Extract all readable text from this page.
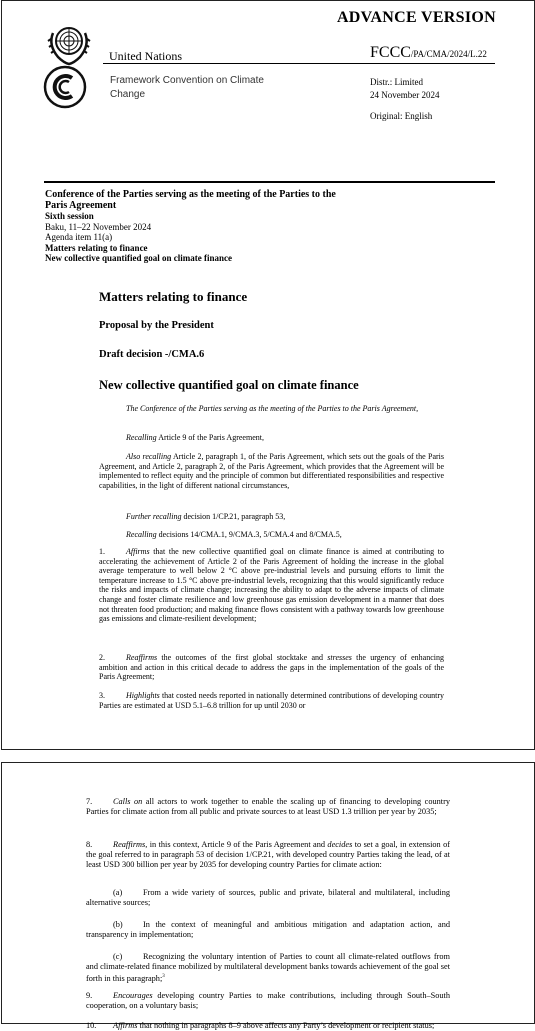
ADVANCE VERSION
United Nations	FCCC/PA/CMA/2024/L.22
Framework Convention on Climate Change
Distr.: Limited
24 November 2024
Original: English
Conference of the Parties serving as the meeting of the Parties to the Paris Agreement
Sixth session
Baku, 11–22 November 2024
Agenda item 11(a)
Matters relating to finance
New collective quantified goal on climate finance
Matters relating to finance
Proposal by the President
Draft decision -/CMA.6
New collective quantified goal on climate finance
The Conference of the Parties serving as the meeting of the Parties to the Paris Agreement,
Recalling Article 9 of the Paris Agreement,
Also recalling Article 2, paragraph 1, of the Paris Agreement, which sets out the goals of the Paris Agreement, and Article 2, paragraph 2, of the Paris Agreement, which provides that the Agreement will be implemented to reflect equity and the principle of common but differentiated responsibilities and respective capabilities, in the light of different national circumstances,
Further recalling decision 1/CP.21, paragraph 53,
Recalling decisions 14/CMA.1, 9/CMA.3, 5/CMA.4 and 8/CMA.5,
1.	Affirms that the new collective quantified goal on climate finance is aimed at contributing to accelerating the achievement of Article 2 of the Paris Agreement of holding the increase in the global average temperature to well below 2 °C above pre-industrial levels and pursuing efforts to limit the temperature increase to 1.5 °C above pre-industrial levels, recognizing that this would significantly reduce the risks and impacts of climate change; increasing the ability to adapt to the adverse impacts of climate change and foster climate resilience and low greenhouse gas emission development in a manner that does not threaten food production; and making finance flows consistent with a pathway towards low greenhouse gas emissions and climate-resilient development;
2.	Reaffirms the outcomes of the first global stocktake and stresses the urgency of enhancing ambition and action in this critical decade to address the gaps in the implementation of the goals of the Paris Agreement;
3.	Highlights that costed needs reported in nationally determined contributions of developing country Parties are estimated at USD 5.1–6.8 trillion for up until 2030 or
7.	Calls on all actors to work together to enable the scaling up of financing to developing country Parties for climate action from all public and private sources to at least USD 1.3 trillion per year by 2035;
8.	Reaffirms, in this context, Article 9 of the Paris Agreement and decides to set a goal, in extension of the goal referred to in paragraph 53 of decision 1/CP.21, with developed country Parties taking the lead, of at least USD 300 billion per year by 2035 for developing country Parties for climate action:
(a)	From a wide variety of sources, public and private, bilateral and multilateral, including alternative sources;
(b) In the context of meaningful and ambitious mitigation and adaptation action, and transparency in implementation;
(c)	Recognizing the voluntary intention of Parties to count all climate-related outflows from and climate-related finance mobilized by multilateral development banks towards achievement of the goal set forth in this paragraph;$^3$
9.	Encourages developing country Parties to make contributions, including through South–South cooperation, on a voluntary basis;
10. Affirms that nothing in paragraphs 8–9 above affects any Party’s development or recipient status;
